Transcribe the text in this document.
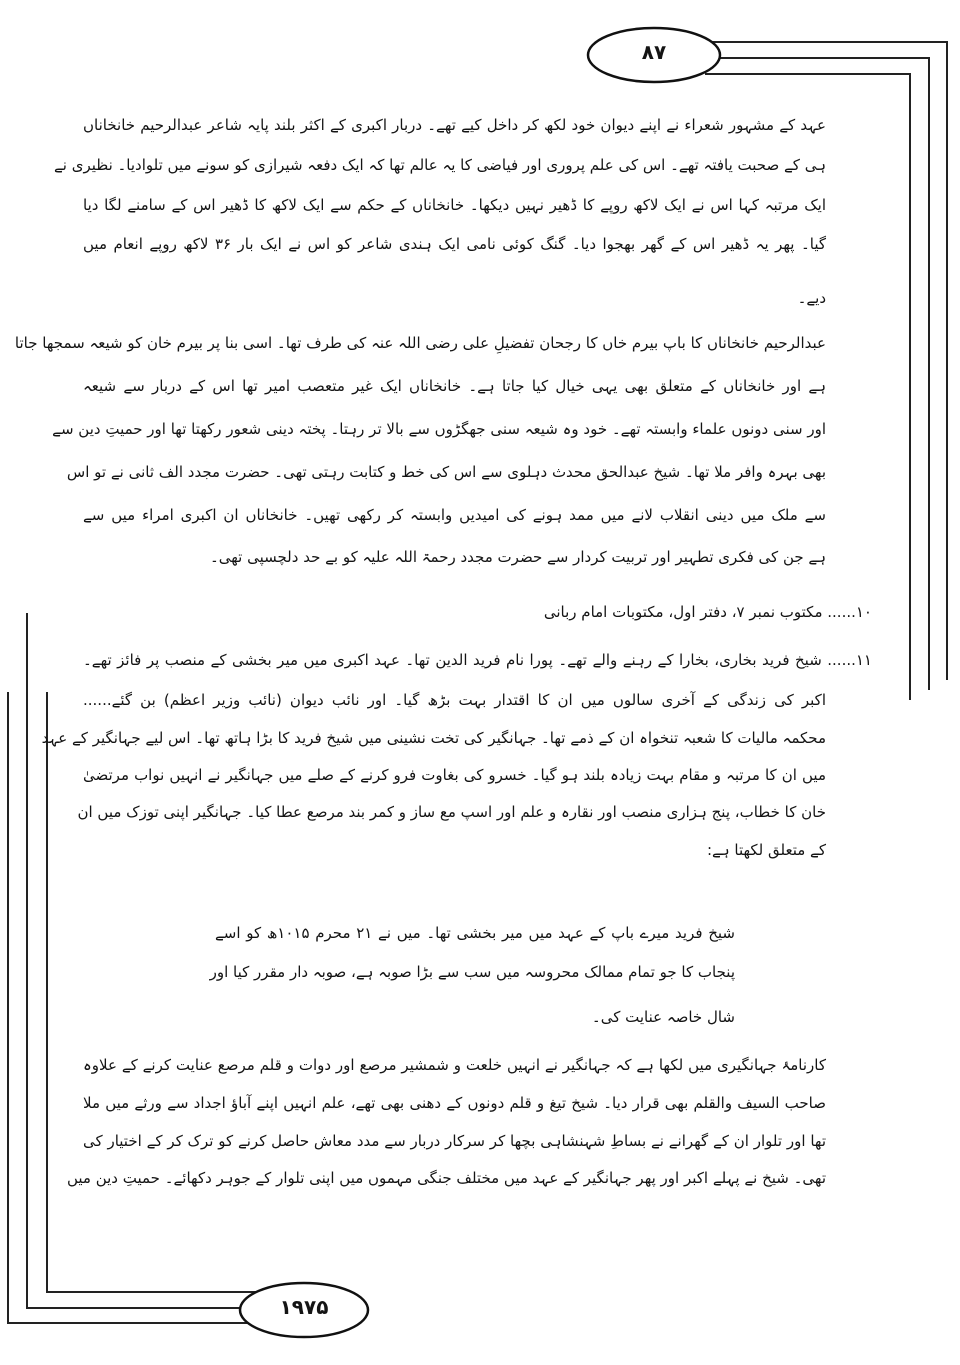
۸۷
۱۹۷۵
عہد کے مشہور شعراء نے اپنے دیوان خود لکھ کر داخل کیے تھے۔ دربار اکبری کے اکثر بلند پایہ شاعر عبدالرحیم خانخاناں
ہی کے صحبت یافتہ تھے۔ اس کی علم پروری اور فیاضی کا یہ عالم تھا کہ ایک دفعہ شیرازی کو سونے میں تلوادیا۔ نظیری نے
ایک مرتبہ کہا اس نے ایک لاکھ روپے کا ڈھیر نہیں دیکھا۔ خانخاناں کے حکم سے ایک لاکھ کا ڈھیر اس کے سامنے لگا دیا
گیا۔ پھر یہ ڈھیر اس کے گھر بھجوا دیا۔ گنگ کوئی نامی ایک ہندی شاعر کو اس نے ایک بار ۳۶ لاکھ روپے انعام میں
دیے۔
عبدالرحیم خانخاناں کا باپ بیرم خاں کا رجحان تفضیلِ علی رضی اللہ عنہ کی طرف تھا۔ اسی بنا پر بیرم خان کو شیعہ سمجھا جاتا
ہے اور خانخاناں کے متعلق بھی یہی خیال کیا جاتا ہے۔ خانخاناں ایک غیر متعصب امیر تھا اس کے دربار سے شیعہ
اور سنی دونوں علماء وابستہ تھے۔ خود وہ شیعہ سنی جھگڑوں سے بالا تر رہتا۔ پختہ دینی شعور رکھتا تھا اور حمیتِ دین سے
بھی بہرہ وافر ملا تھا۔ شیخ عبدالحق محدث دہلوی سے اس کی خط و کتابت رہتی تھی۔ حضرت مجدد الف ثانی نے تو اس
سے ملک میں دینی انقلاب لانے میں ممد ہونے کی امیدیں وابستہ کر رکھی تھیں۔ خانخاناں ان اکبری امراء میں سے
ہے جن کی فکری تطہیر اور تربیت کردار سے حضرت مجدد رحمۃ اللہ علیہ کو بے حد دلچسپی تھی۔
۱۰...... مکتوب نمبر ۷، دفتر اول، مکتوبات امام ربانی
۱۱...... شیخ فرید بخاری، بخارا کے رہنے والے تھے۔ پورا نام فرید الدین تھا۔ عہد اکبری میں میر بخشی کے منصب پر فائز تھے۔
اکبر کی زندگی کے آخری سالوں میں ان کا اقتدار بہت بڑھ گیا۔ اور نائب دیوان (نائب وزیر اعظم) بن گئے......
محکمہ مالیات کا شعبہ تنخواہ ان کے ذمے تھا۔ جہانگیر کی تخت نشینی میں شیخ فرید کا بڑا ہاتھ تھا۔ اس لیے جہانگیر کے عہد
میں ان کا مرتبہ و مقام بہت زیادہ بلند ہو گیا۔ خسرو کی بغاوت فرو کرنے کے صلے میں جہانگیر نے انہیں نواب مرتضیٰ
خان کا خطاب، پنج ہزاری منصب اور نقارہ و علم اور اسپ مع ساز و کمر بند مرصع عطا کیا۔ جہانگیر اپنی توزک میں ان
کے متعلق لکھتا ہے:
شیخ فرید میرے باپ کے عہد میں میر بخشی تھا۔ میں نے ۲۱ محرم ۱۰۱۵ھ کو اسے
پنجاب کا جو تمام ممالک محروسہ میں سب سے بڑا صوبہ ہے، صوبہ دار مقرر کیا اور
شال خاصہ عنایت کی۔
کارنامۂ جہانگیری میں لکھا ہے کہ جہانگیر نے انہیں خلعت و شمشیر مرصع اور دوات و قلم مرصع عنایت کرنے کے علاوہ
صاحب السیف والقلم بھی قرار دیا۔ شیخ تیغ و قلم دونوں کے دھنی بھی تھے، علم انہیں اپنے آباؤ اجداد سے ورثے میں ملا
تھا اور تلوار ان کے گھرانے نے بساطِ شہنشاہی بچھا کر سرکار دربار سے مدد معاش حاصل کرنے کو ترک کر کے اختیار کی
تھی۔ شیخ نے پہلے اکبر اور پھر جہانگیر کے عہد میں مختلف جنگی مہموں میں اپنی تلوار کے جوہر دکھائے۔ حمیتِ دین میں
